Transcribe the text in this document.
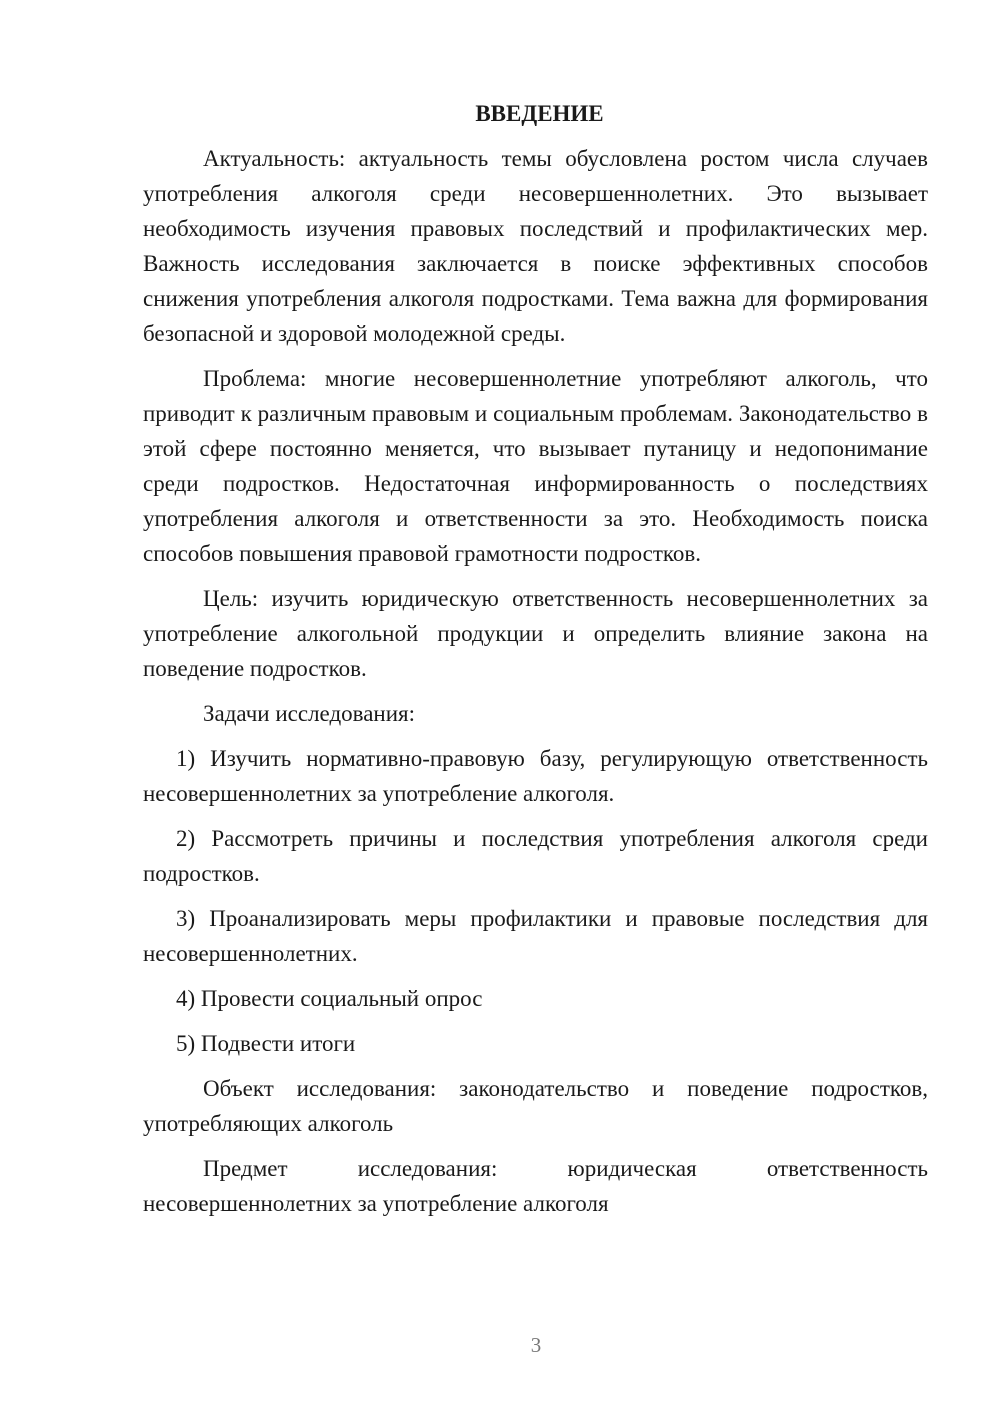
ВВЕДЕНИЕ

Актуальность: актуальность темы обусловлена ростом числа случаев употребления алкоголя среди несовершеннолетних. Это вызывает необходимость изучения правовых последствий и профилактических мер. Важность исследования заключается в поиске эффективных способов снижения употребления алкоголя подростками. Тема важна для формирования безопасной и здоровой молодежной среды.

Проблема: многие несовершеннолетние употребляют алкоголь, что приводит к различным правовым и социальным проблемам. Законодательство в этой сфере постоянно меняется, что вызывает путаницу и недопонимание среди подростков. Недостаточная информированность о последствиях употребления алкоголя и ответственности за это. Необходимость поиска способов повышения правовой грамотности подростков.

Цель: изучить юридическую ответственность несовершеннолетних за употребление алкогольной продукции и определить влияние закона на поведение подростков.

Задачи исследования:

1) Изучить нормативно-правовую базу, регулирующую ответственность несовершеннолетних за употребление алкоголя.

2) Рассмотреть причины и последствия употребления алкоголя среди подростков.

3) Проанализировать меры профилактики и правовые последствия для несовершеннолетних.

4) Провести социальный опрос

5) Подвести итоги

Объект исследования: законодательство и поведение подростков, употребляющих алкоголь

Предмет исследования: юридическая ответственность несовершеннолетних за употребление алкоголя

3
